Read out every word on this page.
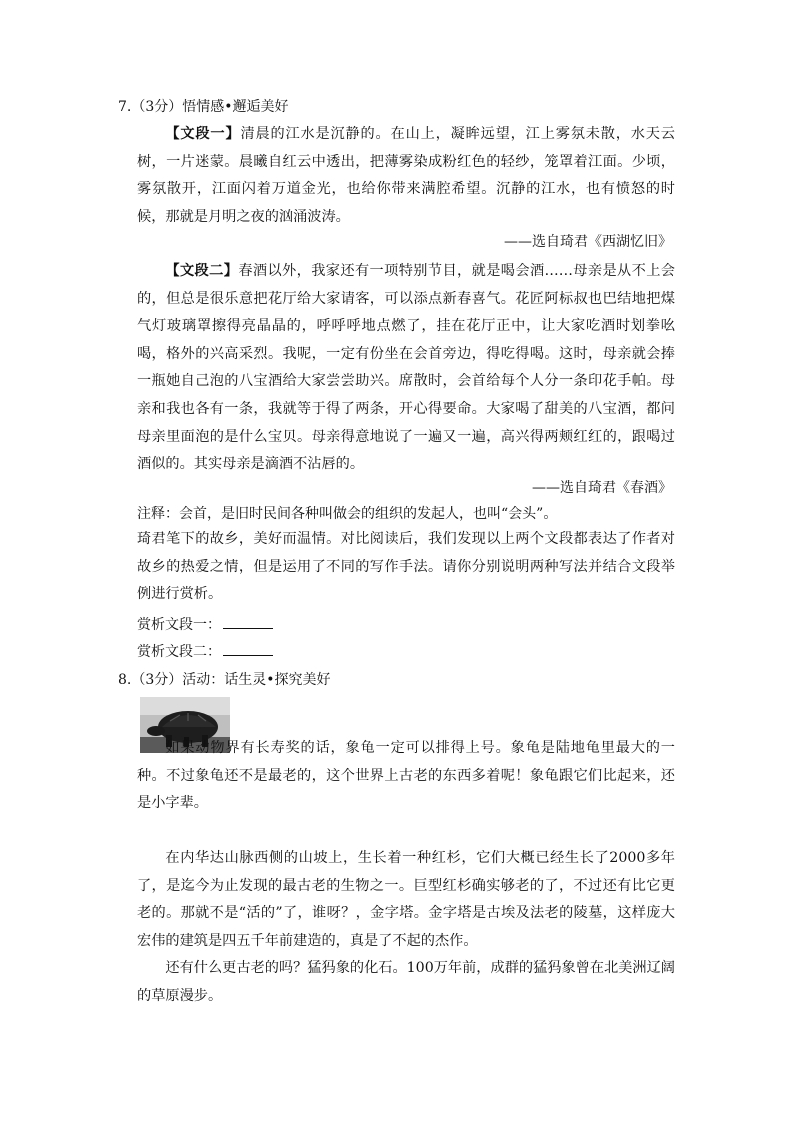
7.（3分）悟情感•邂逅美好
【文段一】清晨的江水是沉静的。在山上，凝眸远望，江上雾氛未散，水天云树，一片迷蒙。晨曦自红云中透出，把薄雾染成粉红色的轻纱，笼罩着江面。少顷，雾氛散开，江面闪着万道金光，也给你带来满腔希望。沉静的江水，也有愤怒的时候，那就是月明之夜的汹涌波涛。
——选自琦君《西湖忆旧》
【文段二】春酒以外，我家还有一项特别节目，就是喝会酒……母亲是从不上会的，但总是很乐意把花厅给大家请客，可以添点新春喜气。花匠阿标叔也巴结地把煤气灯玻璃罩擦得亮晶晶的，呼呼呼地点燃了，挂在花厅正中，让大家吃酒时划拳吆喝，格外的兴高采烈。我呢，一定有份坐在会首旁边，得吃得喝。这时，母亲就会捧一瓶她自己泡的八宝酒给大家尝尝助兴。席散时，会首给每个人分一条印花手帕。母亲和我也各有一条，我就等于得了两条，开心得要命。大家喝了甜美的八宝酒，都问母亲里面泡的是什么宝贝。母亲得意地说了一遍又一遍，高兴得两颊红红的，跟喝过酒似的。其实母亲是滴酒不沾唇的。
——选自琦君《春酒》
注释：会首，是旧时民间各种叫做会的组织的发起人，也叫“会头”。
琦君笔下的故乡，美好而温情。对比阅读后，我们发现以上两个文段都表达了作者对故乡的热爱之情，但是运用了不同的写作手法。请你分别说明两种写法并结合文段举例进行赏析。
赏析文段一：
赏析文段二：
8.（3分）活动：话生灵•探究美好
如果动物界有长寿奖的话，象龟一定可以排得上号。象龟是陆地龟里最大的一种。不过象龟还不是最老的，这个世界上古老的东西多着呢！象龟跟它们比起来，还是小字辈。
在内华达山脉西侧的山坡上，生长着一种红杉，它们大概已经生长了2000多年了，是迄今为止发现的最古老的生物之一。巨型红杉确实够老的了，不过还有比它更老的。那就不是“活的”了，谁呀？，金字塔。金字塔是古埃及法老的陵墓，这样庞大宏伟的建筑是四五千年前建造的，真是了不起的杰作。
还有什么更古老的吗？猛犸象的化石。100万年前，成群的猛犸象曾在北美洲辽阔的草原漫步。
